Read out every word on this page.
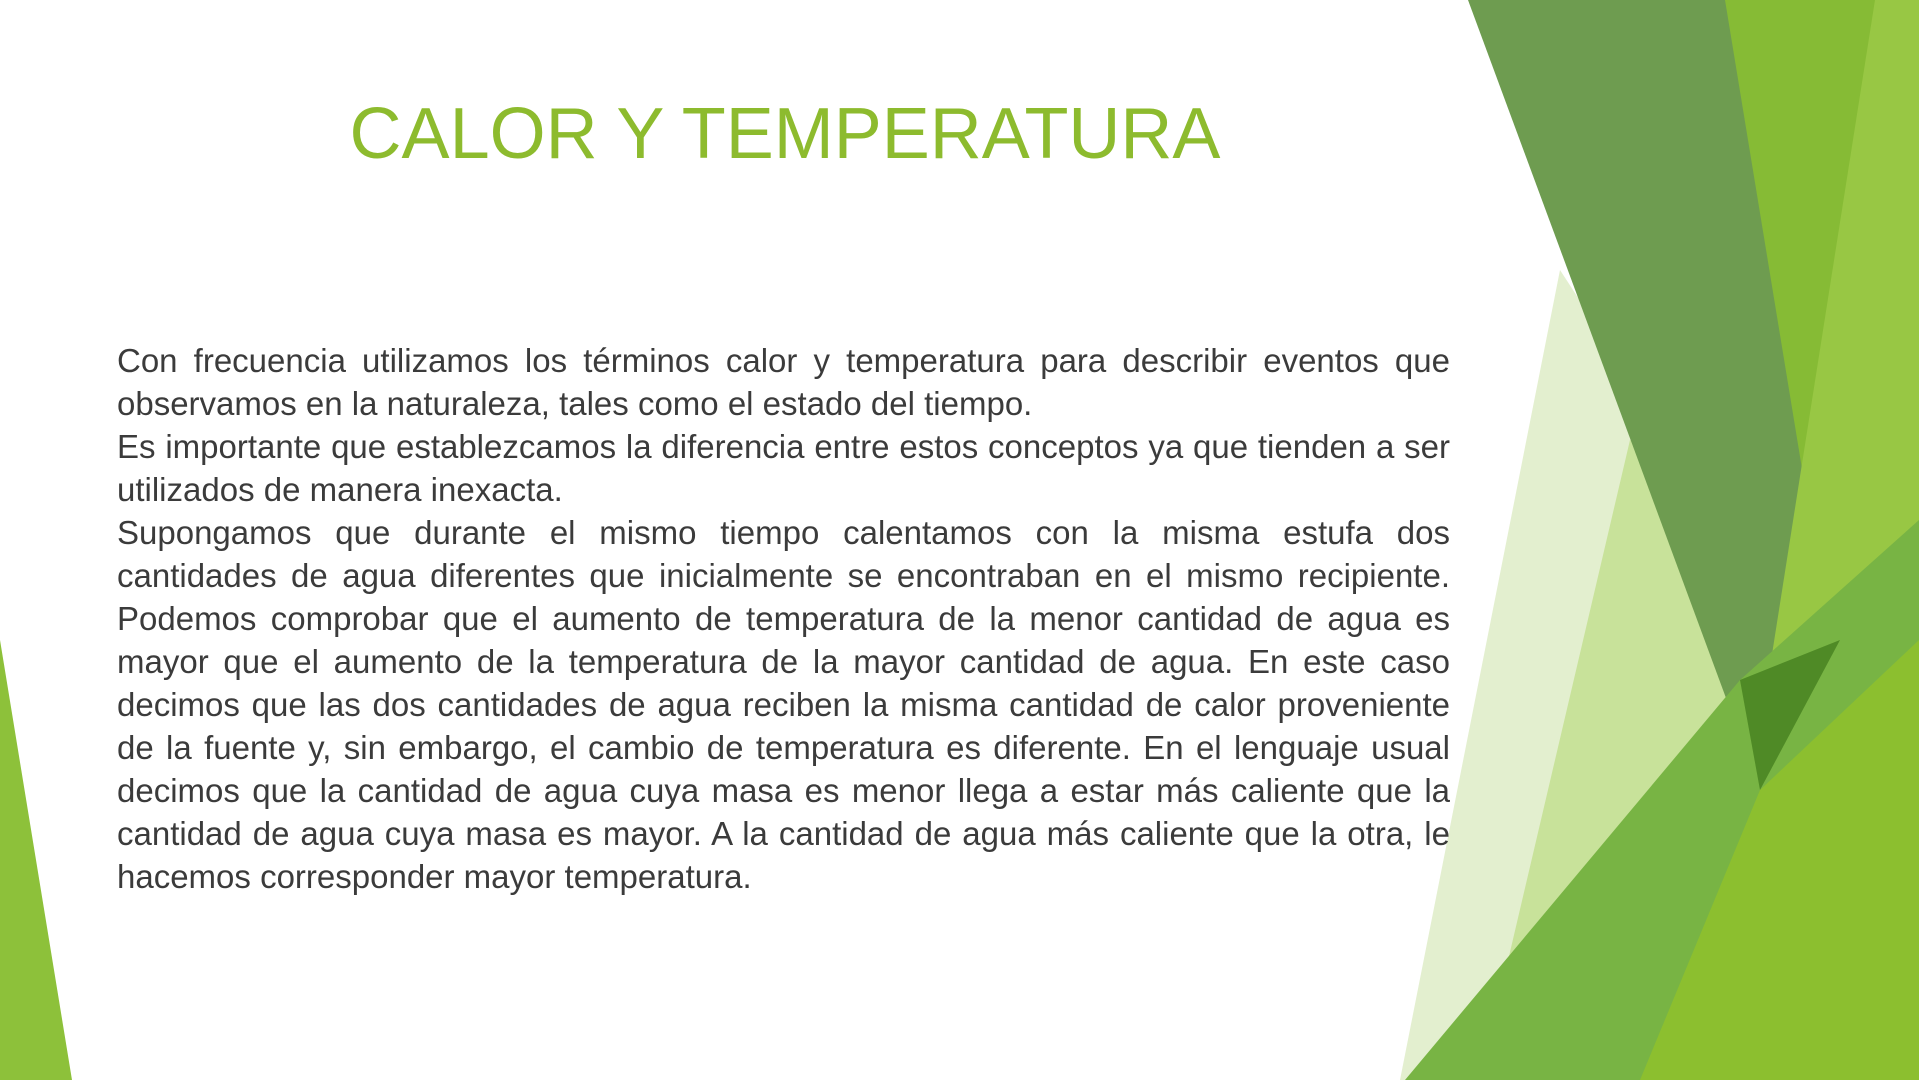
CALOR Y TEMPERATURA

Con frecuencia utilizamos los términos calor y temperatura para describir eventos que observamos en la naturaleza, tales como el estado del tiempo.

Es importante que establezcamos la diferencia entre estos conceptos ya que tienden a ser utilizados de manera inexacta.

Supongamos que durante el mismo tiempo calentamos con la misma estufa dos cantidades de agua diferentes que inicialmente se encontraban en el mismo recipiente. Podemos comprobar que el aumento de temperatura de la menor cantidad de agua es mayor que el aumento de la temperatura de la mayor cantidad de agua. En este caso decimos que las dos cantidades de agua reciben la misma cantidad de calor proveniente de la fuente y, sin embargo, el cambio de temperatura es diferente. En el lenguaje usual decimos que la cantidad de agua cuya masa es menor llega a estar más caliente que la cantidad de agua cuya masa es mayor. A la cantidad de agua más caliente que la otra, le hacemos corresponder mayor temperatura.
